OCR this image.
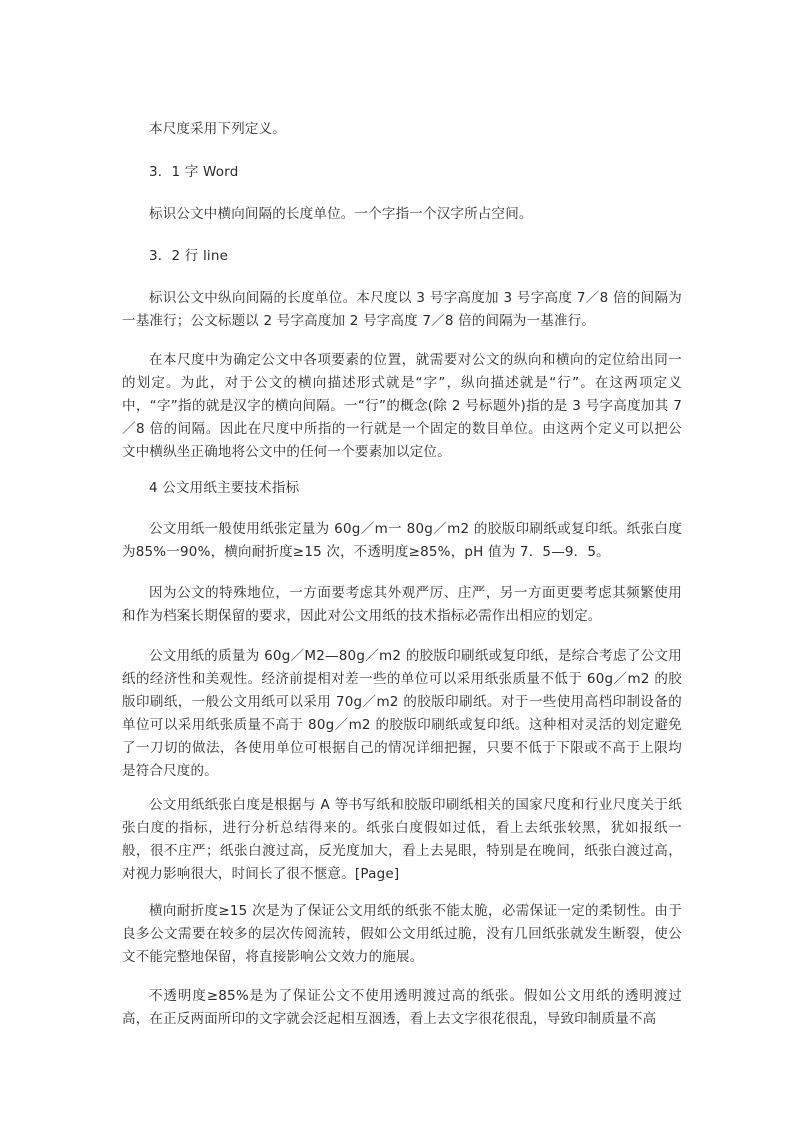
本尺度采用下列定义。

3．1 字 Word

标识公文中横向间隔的长度单位。一个字指一个汉字所占空间。

3．2 行 line

标识公文中纵向间隔的长度单位。本尺度以 3 号字高度加 3 号字高度 7／8 倍的间隔为一基准行；公文标题以 2 号字高度加 2 号字高度 7／8 倍的间隔为一基准行。

在本尺度中为确定公文中各项要素的位置，就需要对公文的纵向和横向的定位给出同一的划定。为此，对于公文的横向描述形式就是“字”，纵向描述就是“行”。在这两项定义中，“字”指的就是汉字的横向间隔。一“行”的概念(除 2 号标题外)指的是 3 号字高度加其 7／8 倍的间隔。因此在尺度中所指的一行就是一个固定的数目单位。由这两个定义可以把公文中横纵坐正确地将公文中的任何一个要素加以定位。

4 公文用纸主要技术指标

公文用纸一般使用纸张定量为 60g／m一 80g／m2 的胶版印刷纸或复印纸。纸张白度为85%一90%，横向耐折度≥15 次，不透明度≥85%，pH 值为 7．5—9．5。

因为公文的特殊地位，一方面要考虑其外观严厉、庄严，另一方面更要考虑其频繁使用和作为档案长期保留的要求，因此对公文用纸的技术指标必需作出相应的划定。

公文用纸的质量为 60g／M2—80g／m2 的胶版印刷纸或复印纸，是综合考虑了公文用纸的经济性和美观性。经济前提相对差一些的单位可以采用纸张质量不低于 60g／m2 的胶版印刷纸，一般公文用纸可以采用 70g／m2 的胶版印刷纸。对于一些使用高档印制设备的单位可以采用纸张质量不高于 80g／m2 的胶版印刷纸或复印纸。这种相对灵活的划定避免了一刀切的做法，各使用单位可根据自己的情况详细把握，只要不低于下限或不高于上限均是符合尺度的。

公文用纸纸张白度是根据与 A 等书写纸和胶版印刷纸相关的国家尺度和行业尺度关于纸张白度的指标，进行分析总结得来的。纸张白度假如过低，看上去纸张较黑，犹如报纸一般，很不庄严；纸张白渡过高，反光度加大，看上去晃眼，特别是在晚间，纸张白渡过高，对视力影响很大，时间长了很不惬意。[Page]

横向耐折度≥15 次是为了保证公文用纸的纸张不能太脆，必需保证一定的柔韧性。由于良多公文需要在较多的层次传阅流转，假如公文用纸过脆，没有几回纸张就发生断裂，使公文不能完整地保留，将直接影响公文效力的施展。

不透明度≥85%是为了保证公文不使用透明渡过高的纸张。假如公文用纸的透明渡过高，在正反两面所印的文字就会泛起相互洇透，看上去文字很花很乱，导致印制质量不高
